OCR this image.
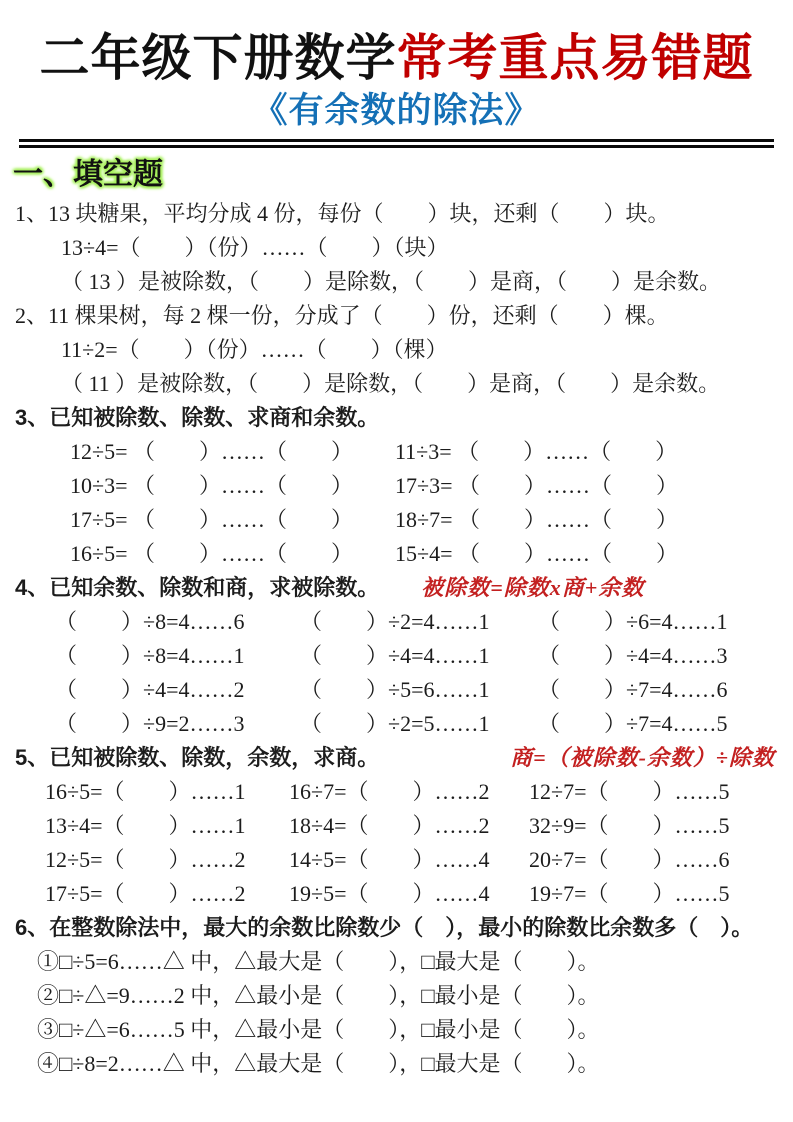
二年级下册数学常考重点易错题
《有余数的除法》
一、填空题

1、13 块糖果，平均分成 4 份，每份（　　）块，还剩（　　）块。

13÷4=（　　）（份）……（　　）（块）

（ 13 ）是被除数，（　　）是除数，（　　）是商，（　　）是余数。

2、11 棵果树，每 2 棵一份，分成了（　　）份，还剩（　　）棵。

11÷2=（　　）（份）……（　　）（棵）

（ 11 ）是被除数，（　　）是除数，（　　）是商，（　　）是余数。

3、已知被除数、除数、求商和余数。

12÷5= （　　）……（　　）	11÷3= （　　）……（　　）
10÷3= （　　）……（　　）	17÷3= （　　）……（　　）
17÷5= （　　）……（　　）	18÷7= （　　）……（　　）
16÷5= （　　）……（　　）	15÷4= （　　）……（　　）

4、已知余数、除数和商，求被除数。 被除数=除数x商+余数
（　　）÷8=4……6	（　　）÷2=4……1	（　　）÷6=4……1
（　　）÷8=4……1	（　　）÷4=4……1	（　　）÷4=4……3
（　　）÷4=4……2	（　　）÷5=6……1	（　　）÷7=4……6
（　　）÷9=2……3	（　　）÷2=5……1	（　　）÷7=4……5

5、已知被除数、除数，余数，求商。	商=（被除数-余数）÷除数
16÷5=（　　）……1	16÷7=（　　）……2	12÷7=（　　）……5
13÷4=（　　）……1	18÷4=（　　）……2	32÷9=（　　）……5
12÷5=（　　）……2	14÷5=（　　）……4	20÷7=（　　）……6
17÷5=（　　）……2	19÷5=（　　）……4	19÷7=（　　）……5

6、在整数除法中，最大的余数比除数少（　），最小的除数比余数多（　）。

①□÷5=6……△ 中，△最大是（　　），□最大是（　　）。

②□÷△=9……2 中，△最小是（　　），□最小是（　　）。

③□÷△=6……5 中，△最小是（　　），□最小是（　　）。

④□÷8=2……△ 中，△最大是（　　），□最大是（　　）。
